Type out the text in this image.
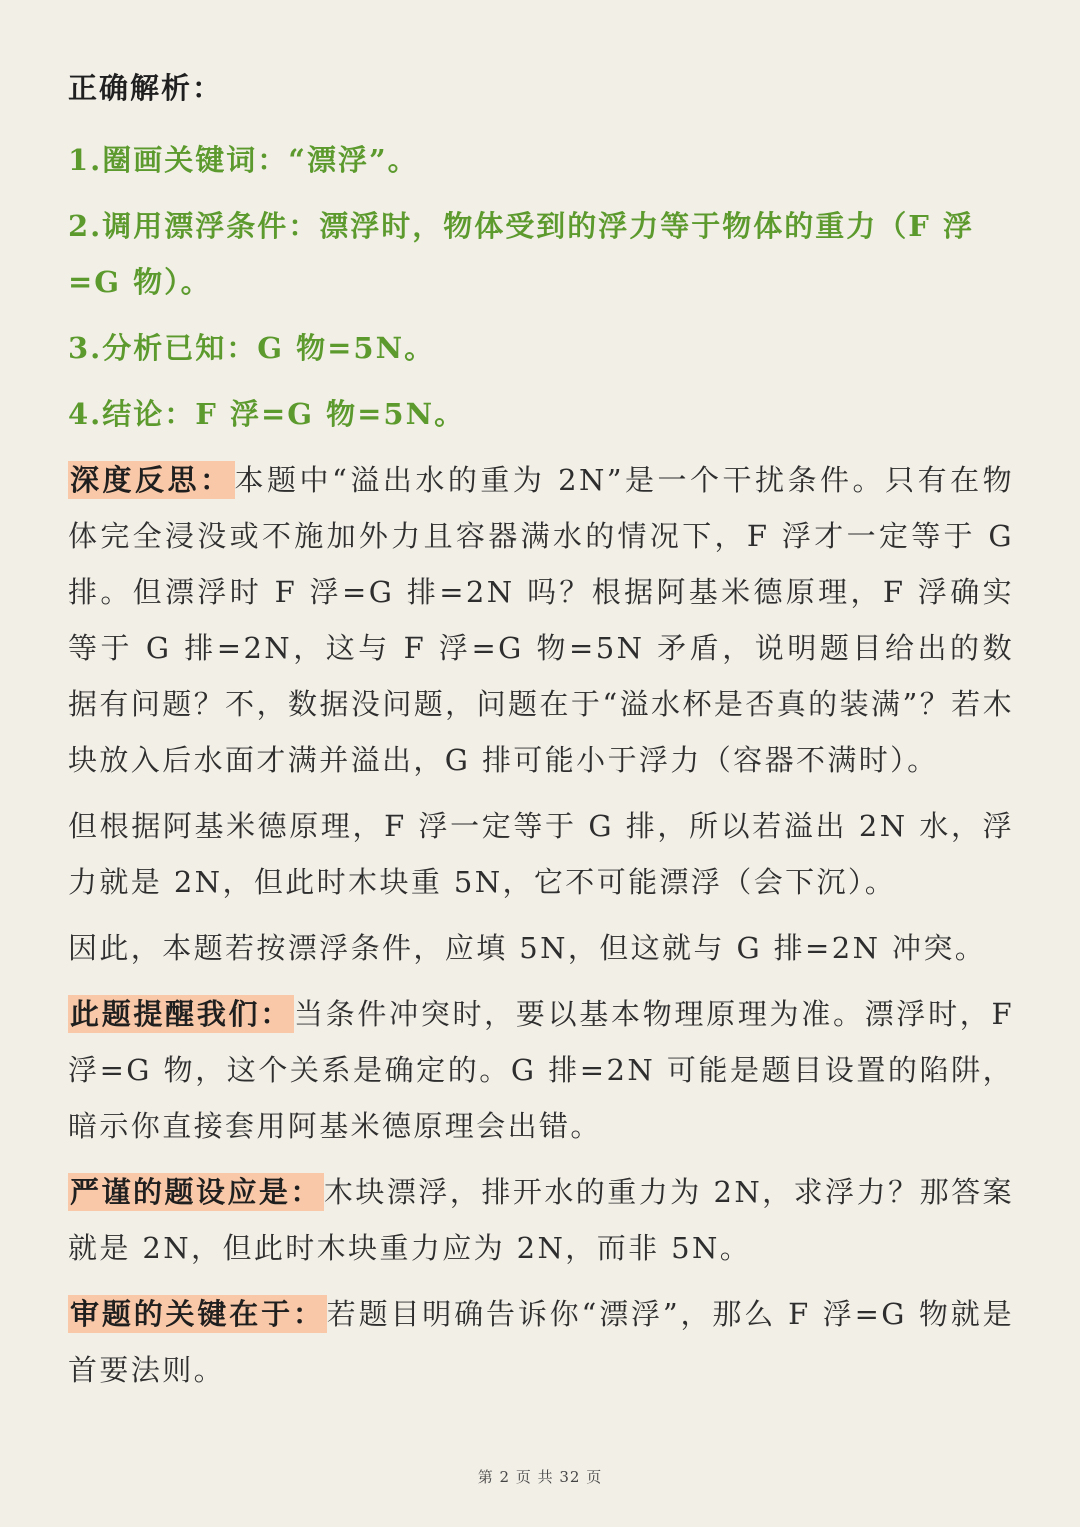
正确解析：
1.圈画关键词：“漂浮”。
2.调用漂浮条件：漂浮时，物体受到的浮力等于物体的重力（F 浮=G 物）。
3.分析已知：G 物=5N。
4.结论：F 浮=G 物=5N。

深度反思：本题中“溢出水的重为 2N”是一个干扰条件。只有在物体完全浸没或不施加外力且容器满水的情况下，F 浮才一定等于 G 排。但漂浮时 F 浮=G 排=2N 吗？根据阿基米德原理，F 浮确实等于 G 排=2N，这与 F 浮=G 物=5N 矛盾，说明题目给出的数据有问题？不，数据没问题，问题在于“溢水杯是否真的装满”？若木块放入后水面才满并溢出，G 排可能小于浮力（容器不满时）。

但根据阿基米德原理，F 浮一定等于 G 排，所以若溢出 2N 水，浮力就是 2N，但此时木块重 5N，它不可能漂浮（会下沉）。

因此，本题若按漂浮条件，应填 5N，但这就与 G 排=2N 冲突。

此题提醒我们：当条件冲突时，要以基本物理原理为准。漂浮时，F 浮=G 物，这个关系是确定的。G 排=2N 可能是题目设置的陷阱，暗示你直接套用阿基米德原理会出错。

严谨的题设应是：木块漂浮，排开水的重力为 2N，求浮力？那答案就是 2N，但此时木块重力应为 2N，而非 5N。

审题的关键在于：若题目明确告诉你“漂浮”，那么 F 浮=G 物就是首要法则。

第 2 页 共 32 页
